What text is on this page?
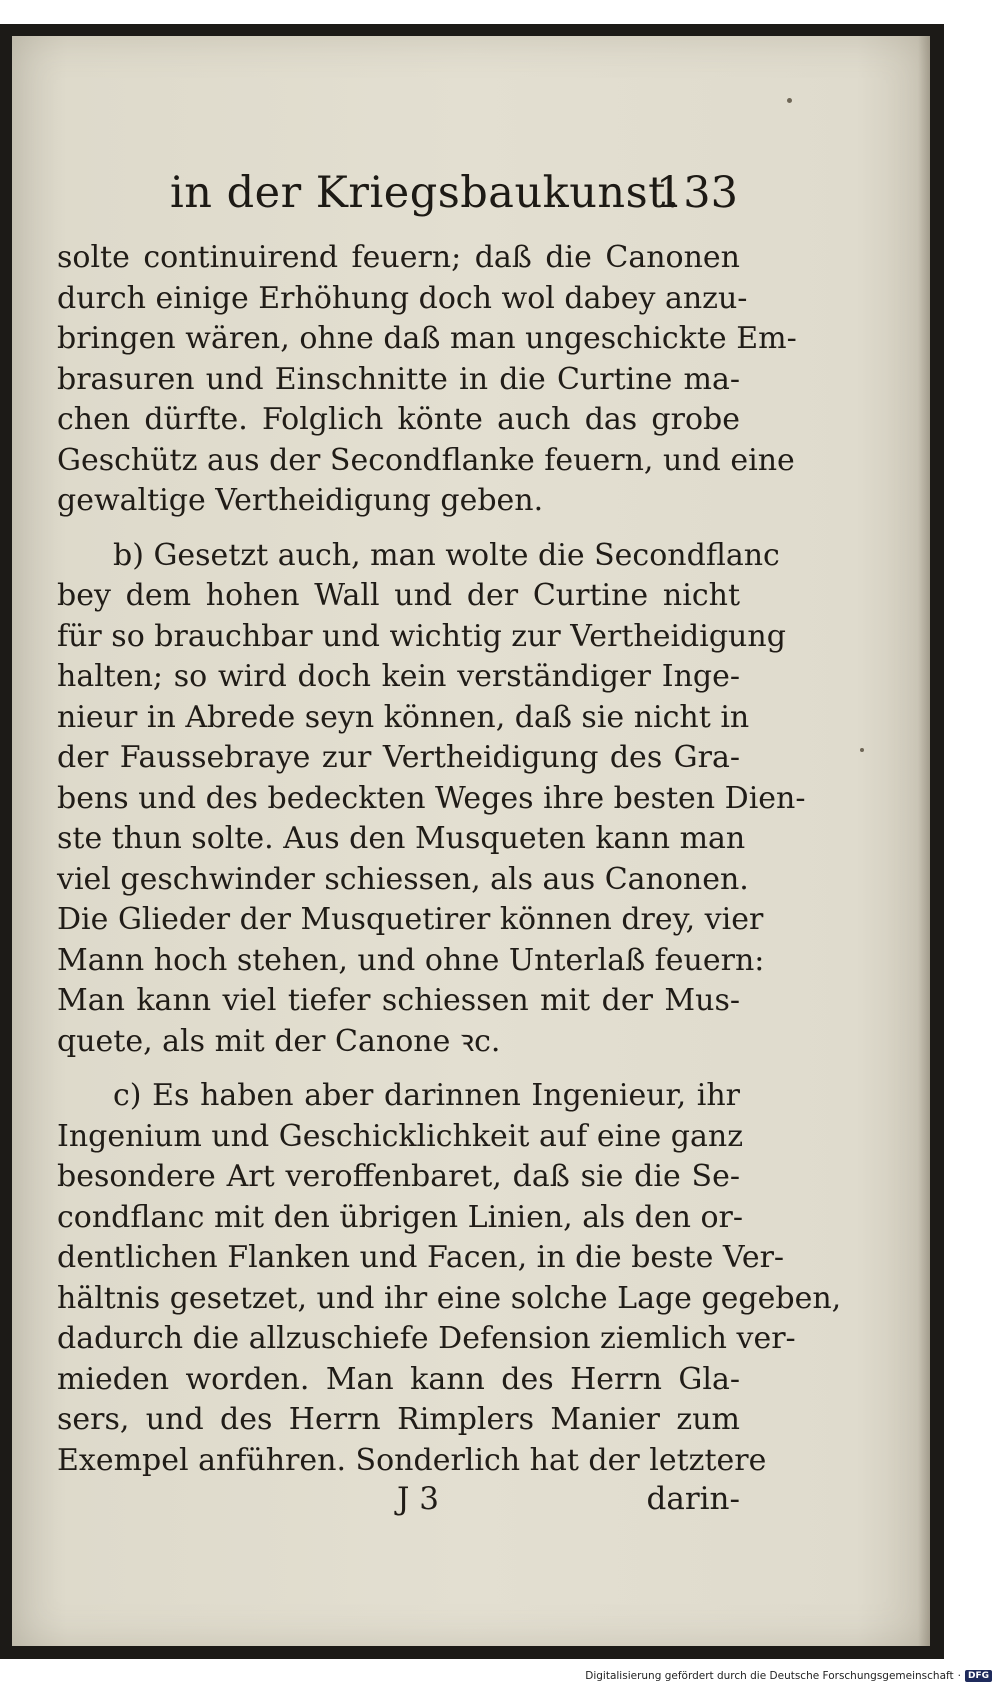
in der Kriegsbaukunst.
133
solte continuirend feuern; daß die Canonen
durch einige Erhöhung doch wol dabey anzu-
bringen wären, ohne daß man ungeschickte Em-
brasuren und Einschnitte in die Curtine ma-
chen dürfte. Folglich könte auch das grobe
Geschütz aus der Secondflanke feuern, und eine
gewaltige Vertheidigung geben.
b) Gesetzt auch, man wolte die Secondflanc
bey dem hohen Wall und der Curtine nicht
für so brauchbar und wichtig zur Vertheidigung
halten; so wird doch kein verständiger Inge-
nieur in Abrede seyn können, daß sie nicht in
der Faussebraye zur Vertheidigung des Gra-
bens und des bedeckten Weges ihre besten Dien-
ste thun solte. Aus den Musqueten kann man
viel geschwinder schiessen, als aus Canonen.
Die Glieder der Musquetirer können drey, vier
Mann hoch stehen, und ohne Unterlaß feuern:
Man kann viel tiefer schiessen mit der Mus-
quete, als mit der Canone ꝛc.
c) Es haben aber darinnen Ingenieur, ihr
Ingenium und Geschicklichkeit auf eine ganz
besondere Art veroffenbaret, daß sie die Se-
condflanc mit den übrigen Linien, als den or-
dentlichen Flanken und Facen, in die beste Ver-
hältnis gesetzet, und ihr eine solche Lage gegeben,
dadurch die allzuschiefe Defension ziemlich ver-
mieden worden. Man kann des Herrn Gla-
sers, und des Herrn Rimplers Manier zum
Exempel anführen. Sonderlich hat der letztere
J 3	darin-
Digitalisierung gefördert durch die Deutsche Forschungsgemeinschaft · DFG
